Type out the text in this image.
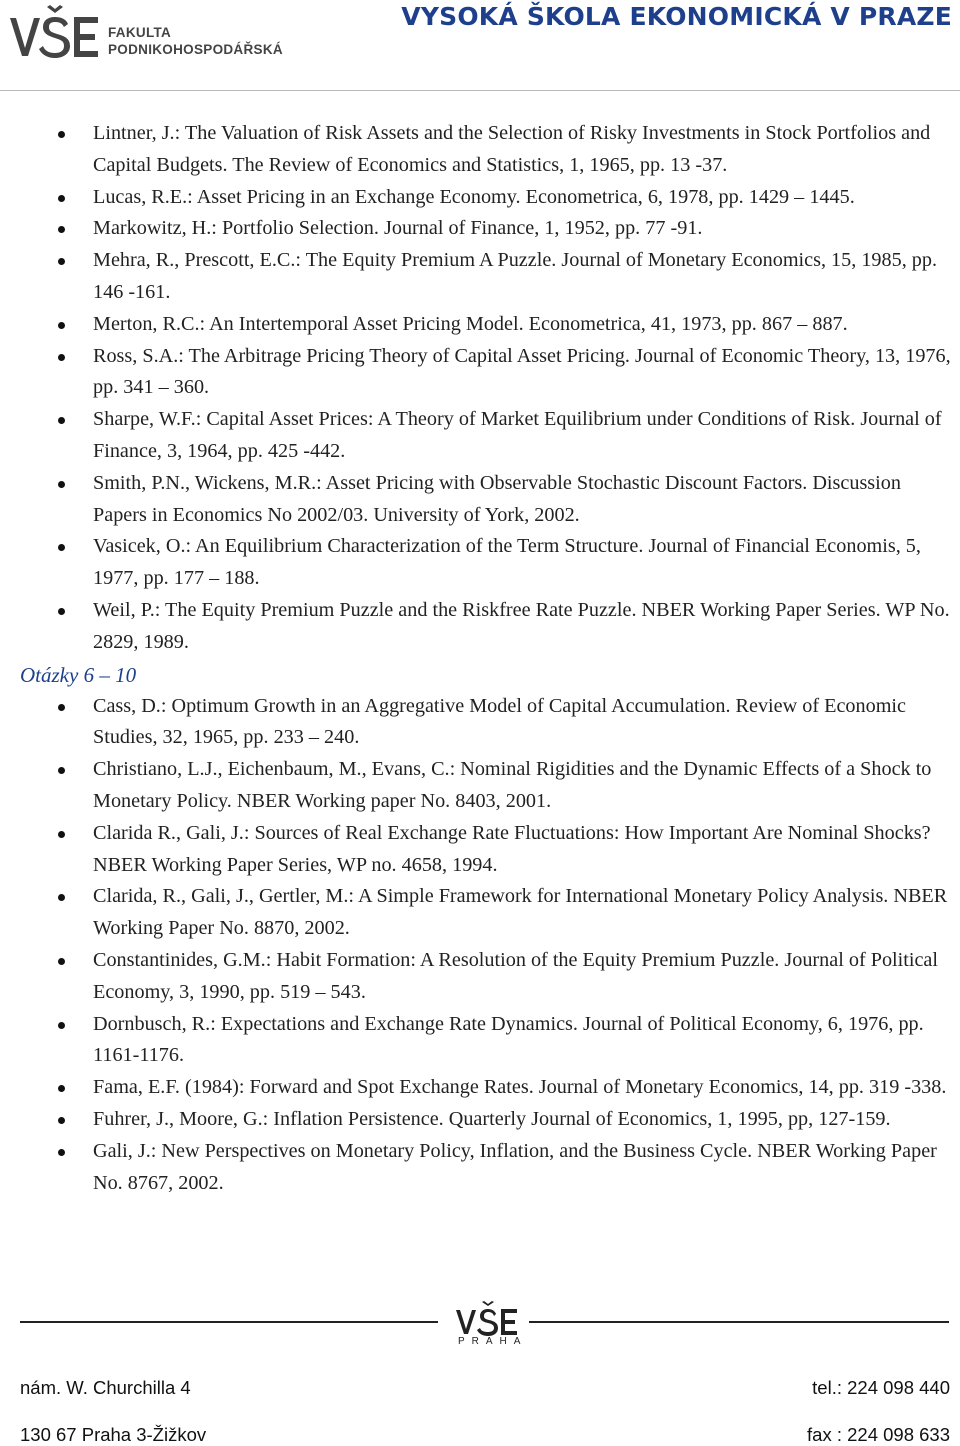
FAKULTA
PODNIKOHOSPODÁŘSKÁ
VYSOKÁ ŠKOLA EKONOMICKÁ V PRAZE
Lintner, J.: The Valuation of Risk Assets and the Selection of Risky Investments in Stock Portfolios and Capital Budgets. The Review of Economics and Statistics, 1, 1965, pp. 13 -37.
Lucas, R.E.: Asset Pricing in an Exchange Economy. Econometrica, 6, 1978, pp. 1429 – 1445.
Markowitz, H.: Portfolio Selection. Journal of Finance, 1, 1952, pp. 77 -91.
Mehra, R., Prescott, E.C.: The Equity Premium A Puzzle. Journal of Monetary Economics, 15, 1985, pp. 146 -161.
Merton, R.C.: An Intertemporal Asset Pricing Model. Econometrica, 41, 1973, pp. 867 – 887.
Ross, S.A.: The Arbitrage Pricing Theory of Capital Asset Pricing. Journal of Economic Theory, 13, 1976, pp. 341 – 360.
Sharpe, W.F.: Capital Asset Prices: A Theory of Market Equilibrium under Conditions of Risk. Journal of Finance, 3, 1964, pp. 425 -442.
Smith, P.N., Wickens, M.R.: Asset Pricing with Observable Stochastic Discount Factors. Discussion Papers in Economics No 2002/03. University of York, 2002.
Vasicek, O.: An Equilibrium Characterization of the Term Structure. Journal of Financial Economis, 5, 1977, pp. 177 – 188.
Weil, P.: The Equity Premium Puzzle and the Riskfree Rate Puzzle. NBER Working Paper Series. WP No. 2829, 1989.
Otázky 6 – 10
Cass, D.: Optimum Growth in an Aggregative Model of Capital Accumulation. Review of Economic Studies, 32, 1965, pp. 233 – 240.
Christiano, L.J., Eichenbaum, M., Evans, C.: Nominal Rigidities and the Dynamic Effects of a Shock to Monetary Policy. NBER Working paper No. 8403, 2001.
Clarida R., Gali, J.: Sources of Real Exchange Rate Fluctuations: How Important Are Nominal Shocks? NBER Working Paper Series, WP no. 4658, 1994.
Clarida, R., Gali, J., Gertler, M.: A Simple Framework for International Monetary Policy Analysis. NBER Working Paper No. 8870, 2002.
Constantinides, G.M.: Habit Formation: A Resolution of the Equity Premium Puzzle. Journal of Political Economy, 3, 1990, pp. 519 – 543.
Dornbusch, R.: Expectations and Exchange Rate Dynamics. Journal of Political Economy, 6, 1976, pp. 1161-1176.
Fama, E.F. (1984): Forward and Spot Exchange Rates. Journal of Monetary Economics, 14, pp. 319 -338.
Fuhrer, J., Moore, G.: Inflation Persistence. Quarterly Journal of Economics, 1, 1995, pp, 127-159.
Gali, J.: New Perspectives on Monetary Policy, Inflation, and the Business Cycle. NBER Working Paper No. 8767, 2002.
PRAHA
nám. W. Churchilla 4
130 67 Praha 3-Žižkov
tel.: 224 098 440
fax : 224 098 633
